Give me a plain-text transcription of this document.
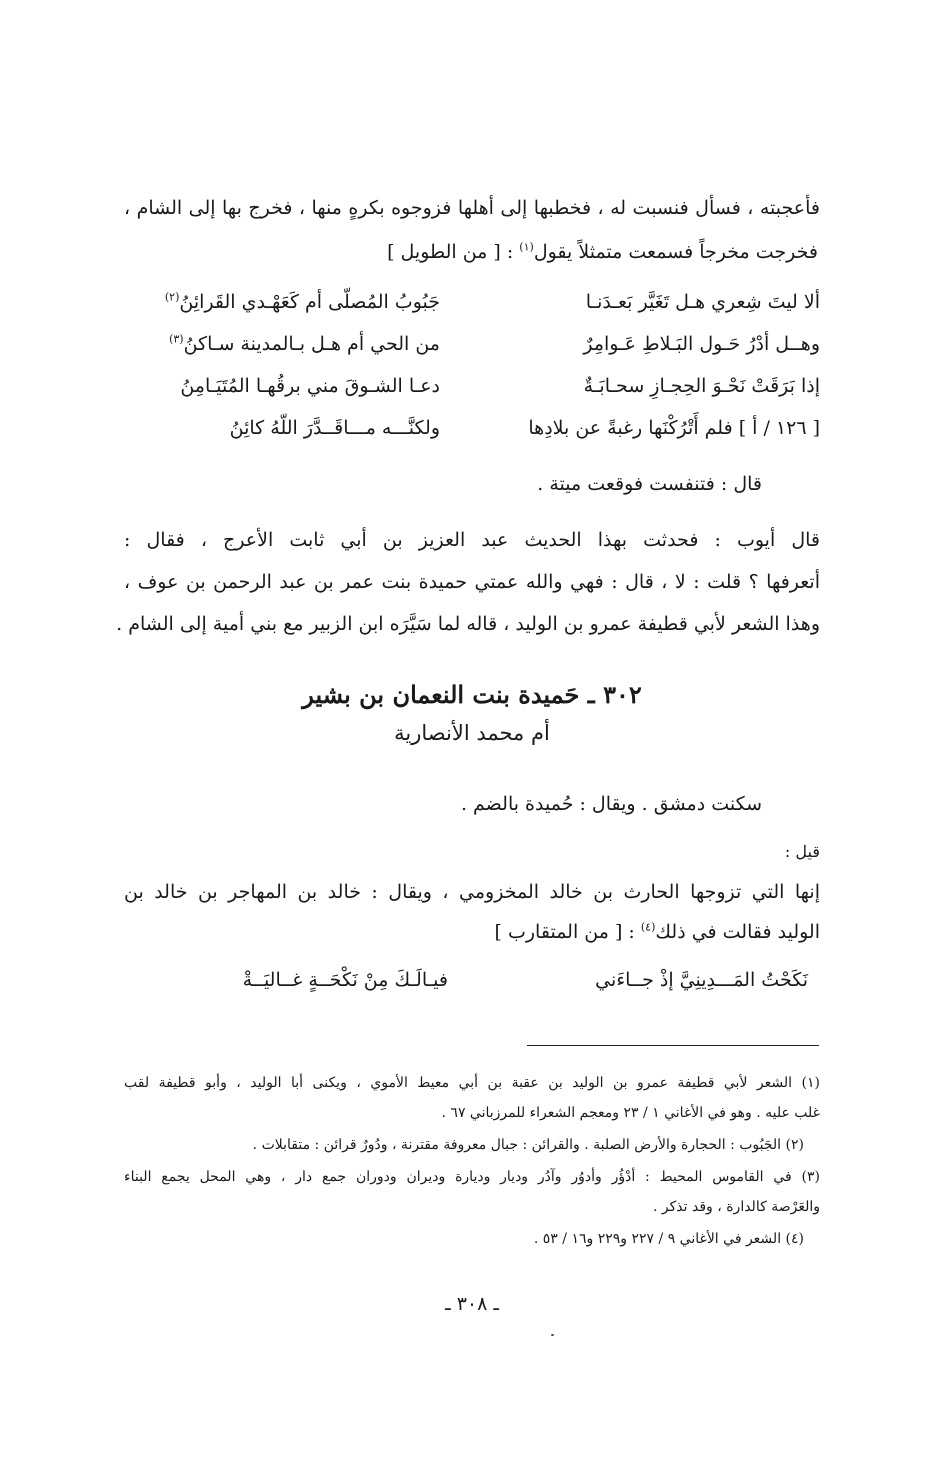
فأعجبته ، فسأل فنسبت له ، فخطبها إلى أهلها فزوجوه بكرهٍ منها ، فخرج بها إلى الشام ،
فخرجت مخرجاً فسمعت متمثلاً يقول$^{(١)}$ : [ من الطويل ]
ألا ليتَ شِعري هـل تَغَيَّر بَعـدَنـا
جَبُوبُ المُصلّى أم كَعَهْـدي القَرائِنُ$^{(٢)}$
وهــل أدْرُ حَـول البَـلاطِ عَـوامِرٌ
من الحي أم هـل بـالمدينة سـاكنُ$^{(٣)}$
إذا بَرَقَتْ نَحْـوَ الحِجـازِ سحـابَـةٌ
دعـا الشـوقَ مني برقُهـا المُتَيَـامِنُ
[ ١٢٦ / أ ] فلم أَتْرُكْنَها رغبةً عن بلادِها
ولكنَّـــه مـــاقَــدَّرَ اللّهُ كائِنُ
قال : فتنفست فوقعت ميتة .
قال أيوب : فحدثت بهذا الحديث عبد العزيز بن أبي ثابت الأعرج ، فقال :
أتعرفها ؟ قلت : لا ، قال : فهي والله عمتي حميدة بنت عمر بن عبد الرحمن بن عوف ،
وهذا الشعر لأبي قطيفة عمرو بن الوليد ، قاله لما سَيَّرَه ابن الزبير مع بني أمية إلى الشام .
٣٠٢ ـ حَميدة بنت النعمان بن بشير
أم محمد الأنصارية
سكنت دمشق . ويقال : حُميدة بالضم .
قيل :
إنها التي تزوجها الحارث بن خالد المخزومي ، ويقال : خالد بن المهاجر بن خالد بن
الوليد فقالت في ذلك$^{(٤)}$ : [ من المتقارب ]
نَكَحْتُ المَـــدِينِيَّ إذْ جــاءَني
فيـالَـكَ مِنْ نَكْحَــةٍ غــاليَــةْ
(١) الشعر لأبي قطيفة عمرو بن الوليد بن عقبة بن أبي معيط الأموي ، ويكنى أبا الوليد ، وأبو قطيفة لقب
غلب عليه . وهو في الأغاني ١ / ٢٣ ومعجم الشعراء للمرزباني ٦٧ .
(٢) الجَبُوب : الحجارة والأرض الصلبة . والقرائن : جبال معروفة مقترنة ، ودُورٌ قرائن : متقابلات .
(٣) في القاموس المحيط : أدْؤُر وأدوُر وآدُر وديار وديارة وديران ودوران جمع دار ، وهي المحل يجمع البناء
والعَرْصة كالدارة ، وقد تذكر .
(٤) الشعر في الأغاني ٩ / ٢٢٧ و٢٢٩ و١٦ / ٥٣ .
ـ ٣٠٨ ـ
